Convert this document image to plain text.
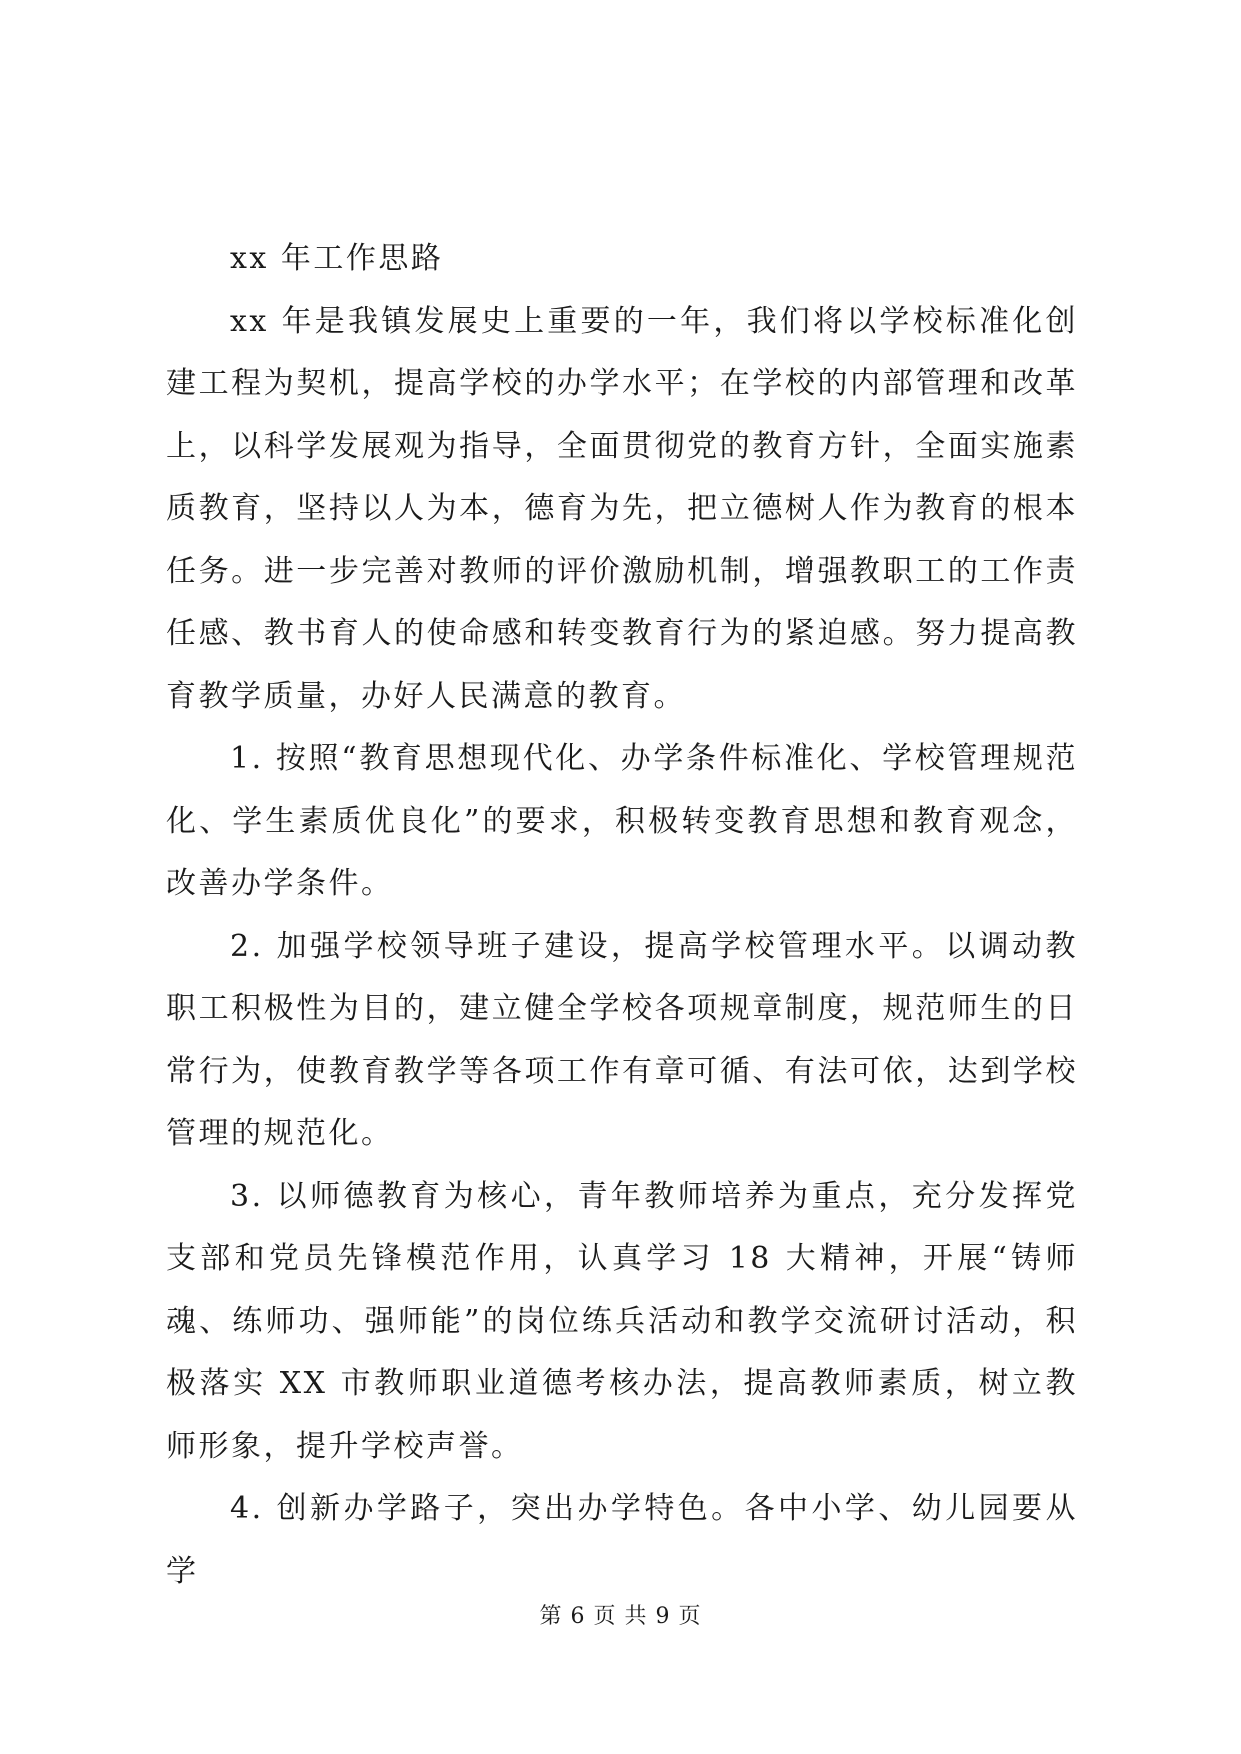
xx 年工作思路

xx 年是我镇发展史上重要的一年，我们将以学校标准化创建工程为契机，提高学校的办学水平；在学校的内部管理和改革上，以科学发展观为指导，全面贯彻党的教育方针，全面实施素质教育，坚持以人为本，德育为先，把立德树人作为教育的根本任务。进一步完善对教师的评价激励机制，增强教职工的工作责任感、教书育人的使命感和转变教育行为的紧迫感。努力提高教育教学质量，办好人民满意的教育。

1. 按照“教育思想现代化、办学条件标准化、学校管理规范化、学生素质优良化”的要求，积极转变教育思想和教育观念，改善办学条件。

2. 加强学校领导班子建设，提高学校管理水平。以调动教职工积极性为目的，建立健全学校各项规章制度，规范师生的日常行为，使教育教学等各项工作有章可循、有法可依，达到学校管理的规范化。

3. 以师德教育为核心，青年教师培养为重点，充分发挥党支部和党员先锋模范作用，认真学习 18 大精神，开展“铸师魂、练师功、强师能”的岗位练兵活动和教学交流研讨活动，积极落实 XX 市教师职业道德考核办法，提高教师素质，树立教师形象，提升学校声誉。

4. 创新办学路子，突出办学特色。各中小学、幼儿园要从学

第 6 页 共 9 页
